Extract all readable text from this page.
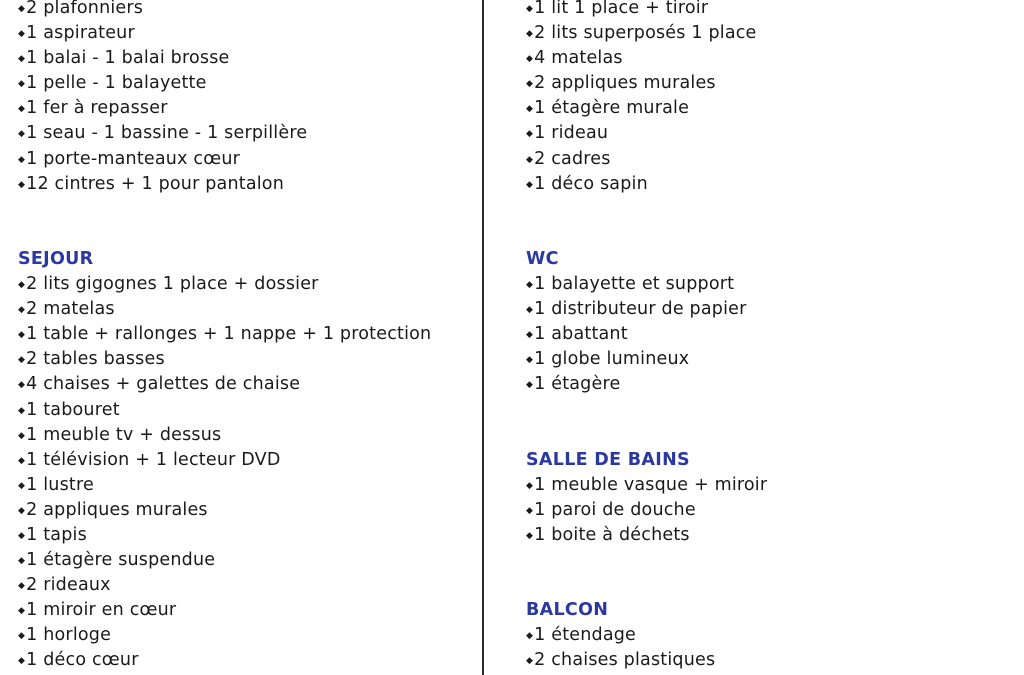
◆2 plafonniers
◆1 aspirateur
◆1 balai - 1 balai brosse
◆1 pelle - 1 balayette
◆1 fer à repasser
◆1 seau - 1 bassine - 1 serpillère
◆1 porte-manteaux cœur
◆12 cintres + 1 pour pantalon
SEJOUR
◆2 lits gigognes 1 place + dossier
◆2 matelas
◆1 table + rallonges + 1 nappe + 1 protection
◆2 tables basses
◆4 chaises + galettes de chaise
◆1 tabouret
◆1 meuble tv + dessus
◆1 télévision + 1 lecteur DVD
◆1 lustre
◆2 appliques murales
◆1 tapis
◆1 étagère suspendue
◆2 rideaux
◆1 miroir en cœur
◆1 horloge
◆1 déco cœur
◆1 lit 1 place + tiroir
◆2 lits superposés 1 place
◆4 matelas
◆2 appliques murales
◆1 étagère murale
◆1 rideau
◆2 cadres
◆1 déco sapin
WC
◆1 balayette et support
◆1 distributeur de papier
◆1 abattant
◆1 globe lumineux
◆1 étagère
SALLE DE BAINS
◆1 meuble vasque + miroir
◆1 paroi de douche
◆1 boite à déchets
BALCON
◆1 étendage
◆2 chaises plastiques
